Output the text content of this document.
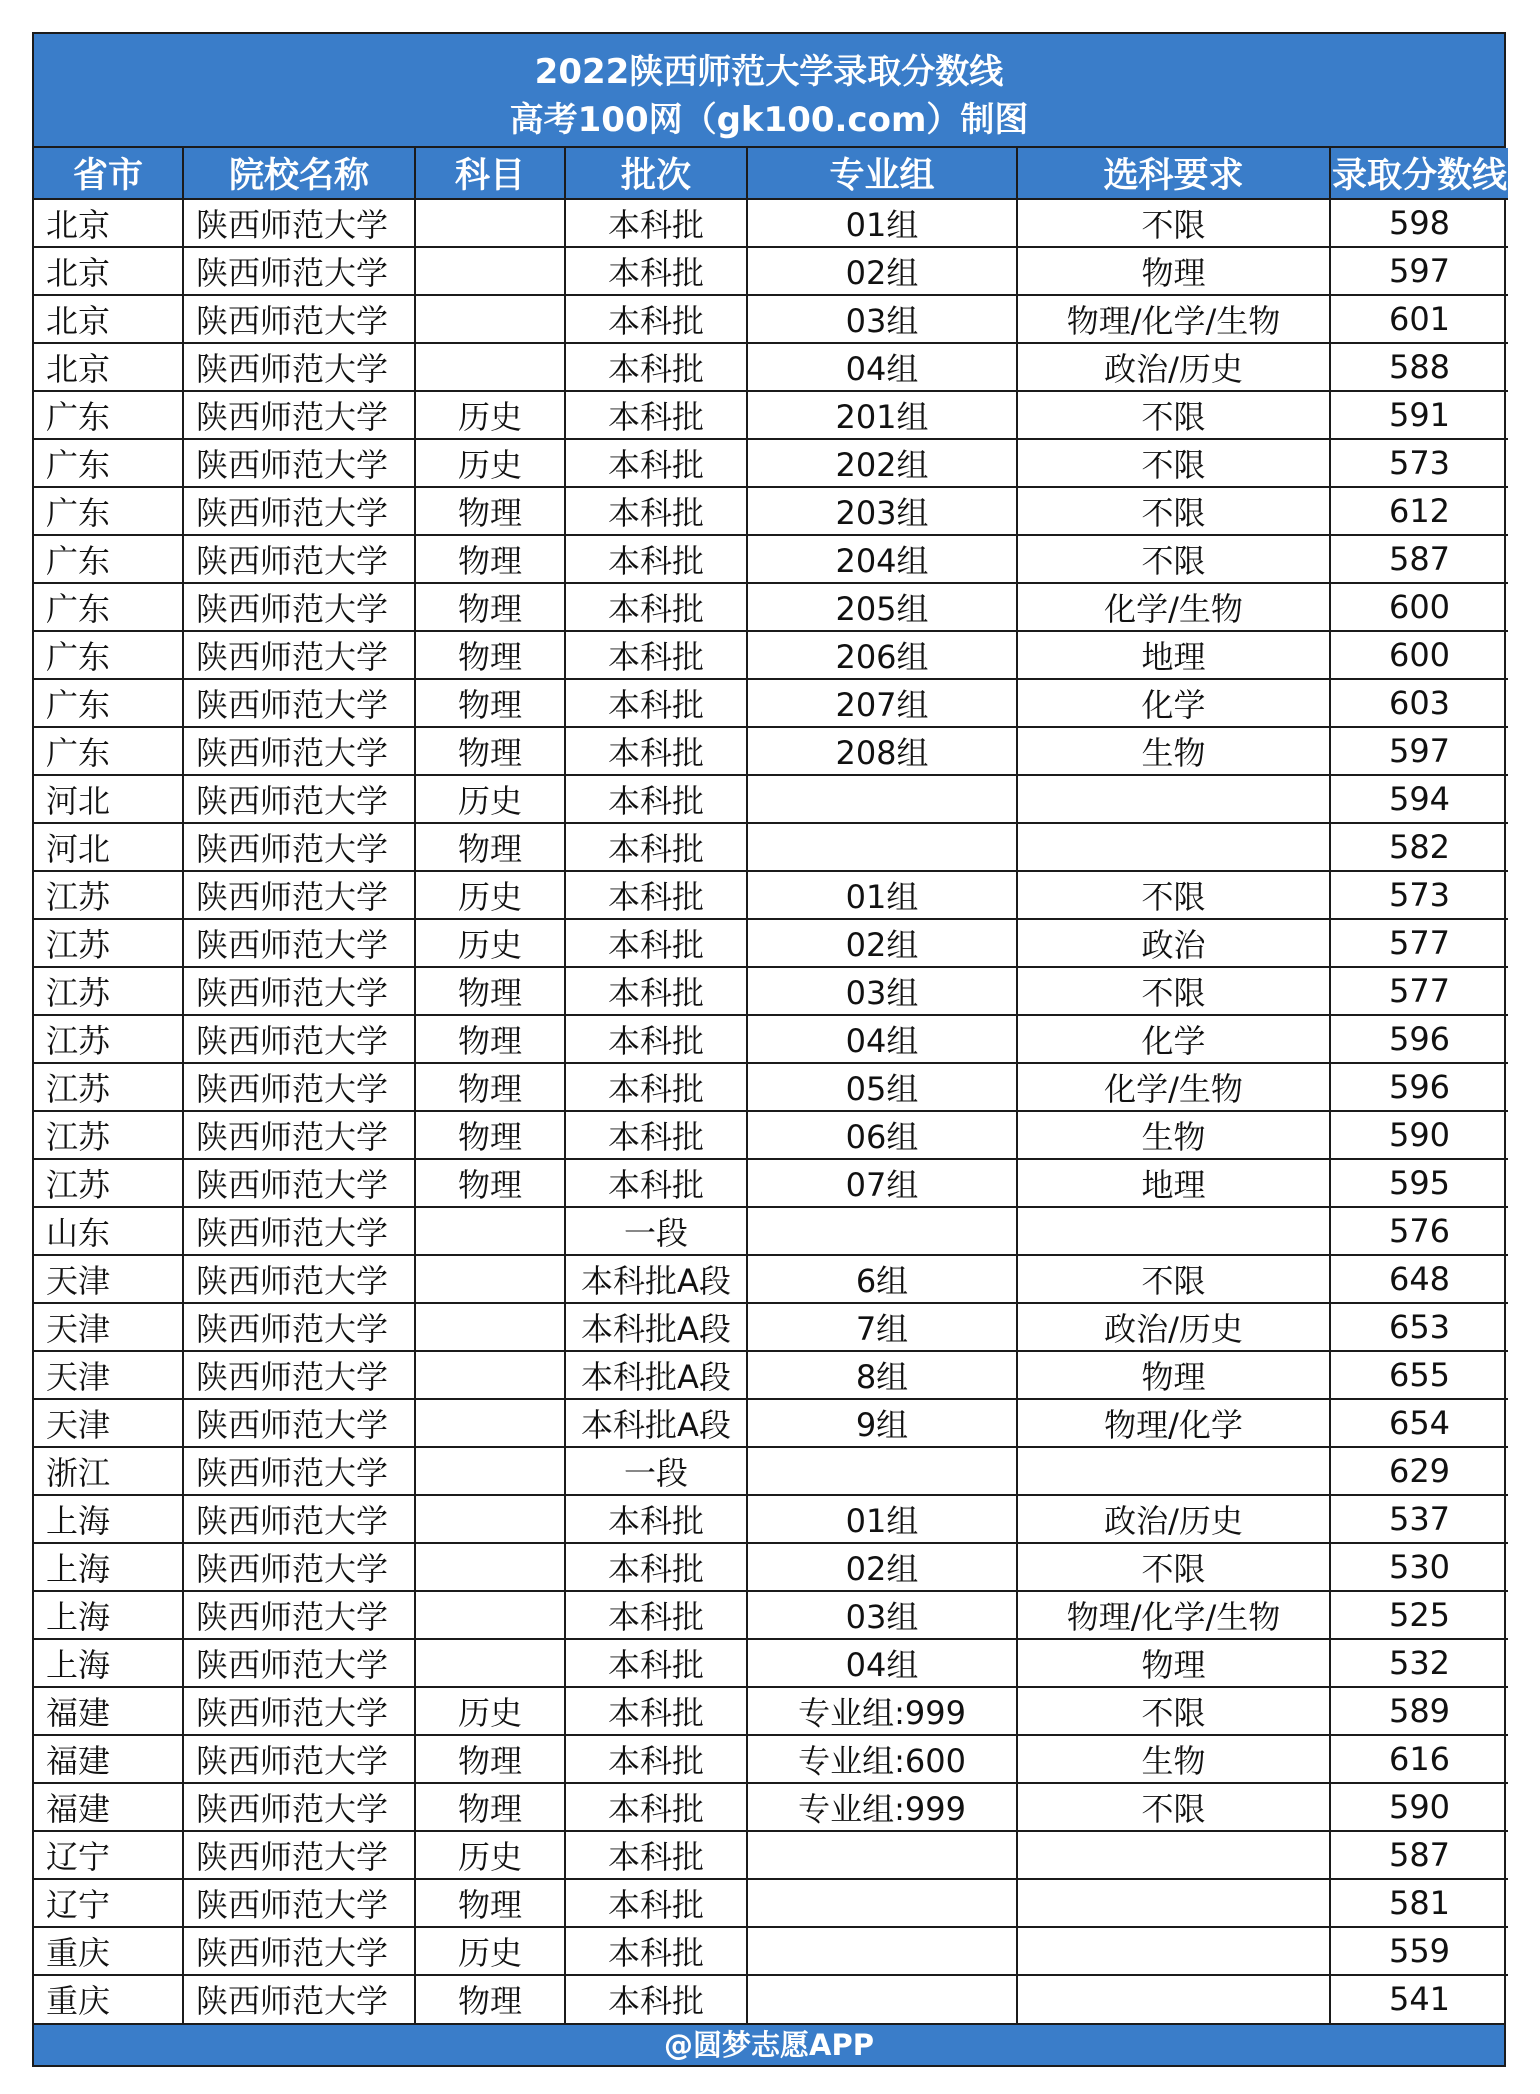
2022陕西师范大学录取分数线
高考100网（gk100.com）制图
省市	院校名称	科目	批次	专业组	选科要求	录取分数线
北京	陕西师范大学		本科批	01组	不限	598
北京	陕西师范大学		本科批	02组	物理	597
北京	陕西师范大学		本科批	03组	物理/化学/生物	601
北京	陕西师范大学		本科批	04组	政治/历史	588
广东	陕西师范大学	历史	本科批	201组	不限	591
广东	陕西师范大学	历史	本科批	202组	不限	573
广东	陕西师范大学	物理	本科批	203组	不限	612
广东	陕西师范大学	物理	本科批	204组	不限	587
广东	陕西师范大学	物理	本科批	205组	化学/生物	600
广东	陕西师范大学	物理	本科批	206组	地理	600
广东	陕西师范大学	物理	本科批	207组	化学	603
广东	陕西师范大学	物理	本科批	208组	生物	597
河北	陕西师范大学	历史	本科批			594
河北	陕西师范大学	物理	本科批			582
江苏	陕西师范大学	历史	本科批	01组	不限	573
江苏	陕西师范大学	历史	本科批	02组	政治	577
江苏	陕西师范大学	物理	本科批	03组	不限	577
江苏	陕西师范大学	物理	本科批	04组	化学	596
江苏	陕西师范大学	物理	本科批	05组	化学/生物	596
江苏	陕西师范大学	物理	本科批	06组	生物	590
江苏	陕西师范大学	物理	本科批	07组	地理	595
山东	陕西师范大学		一段			576
天津	陕西师范大学		本科批A段	6组	不限	648
天津	陕西师范大学		本科批A段	7组	政治/历史	653
天津	陕西师范大学		本科批A段	8组	物理	655
天津	陕西师范大学		本科批A段	9组	物理/化学	654
浙江	陕西师范大学		一段			629
上海	陕西师范大学		本科批	01组	政治/历史	537
上海	陕西师范大学		本科批	02组	不限	530
上海	陕西师范大学		本科批	03组	物理/化学/生物	525
上海	陕西师范大学		本科批	04组	物理	532
福建	陕西师范大学	历史	本科批	专业组:999	不限	589
福建	陕西师范大学	物理	本科批	专业组:600	生物	616
福建	陕西师范大学	物理	本科批	专业组:999	不限	590
辽宁	陕西师范大学	历史	本科批			587
辽宁	陕西师范大学	物理	本科批			581
重庆	陕西师范大学	历史	本科批			559
重庆	陕西师范大学	物理	本科批			541
@圆梦志愿APP
